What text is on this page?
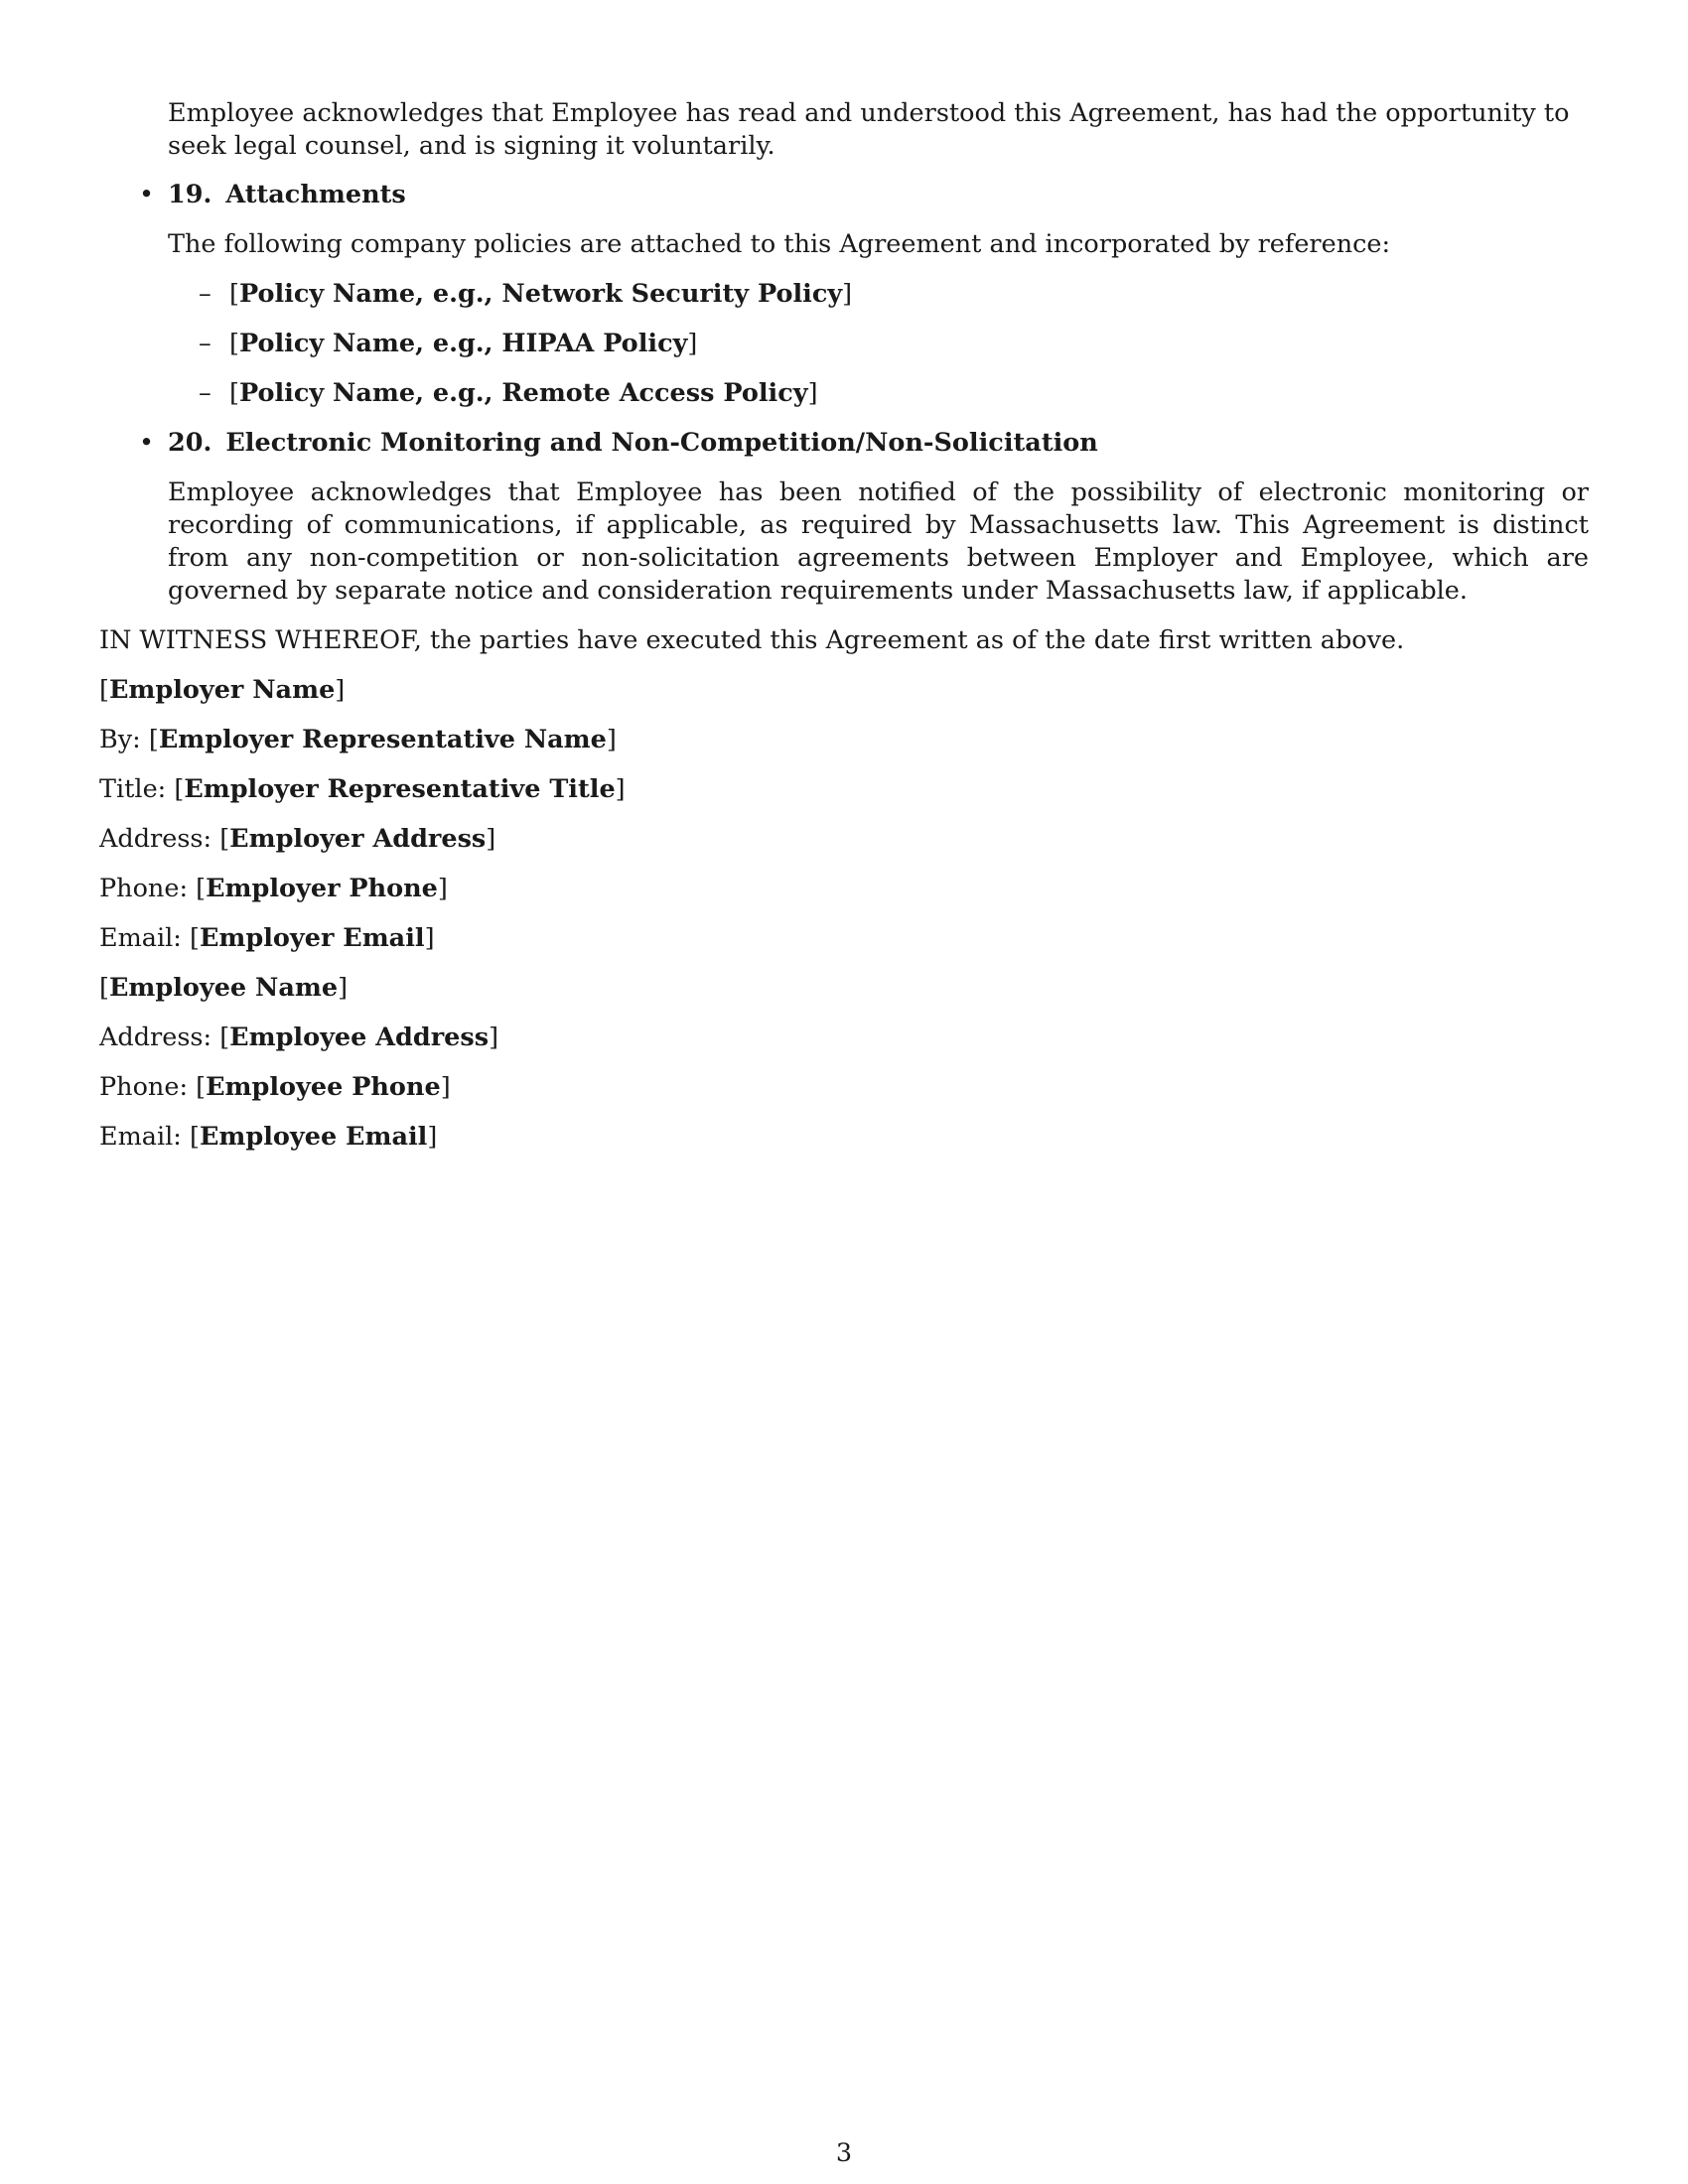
Employee acknowledges that Employee has read and understood this Agreement, has had the opportunity to seek legal counsel, and is signing it voluntarily.

• 19. Attachments

The following company policies are attached to this Agreement and incorporated by reference:

– [Policy Name, e.g., Network Security Policy]
– [Policy Name, e.g., HIPAA Policy]
– [Policy Name, e.g., Remote Access Policy]
• 20. Electronic Monitoring and Non-Competition/Non-Solicitation

Employee acknowledges that Employee has been notified of the possibility of electronic monitoring or recording of communications, if applicable, as required by Massachusetts law. This Agreement is distinct from any non-competition or non-solicitation agreements between Employer and Employee, which are governed by separate notice and consideration requirements under Massachusetts law, if applicable.

IN WITNESS WHEREOF, the parties have executed this Agreement as of the date first written above.

[Employer Name]

By: [Employer Representative Name]

Title: [Employer Representative Title]

Address: [Employer Address]

Phone: [Employer Phone]

Email: [Employer Email]

[Employee Name]

Address: [Employee Address]

Phone: [Employee Phone]

Email: [Employee Email]

3
